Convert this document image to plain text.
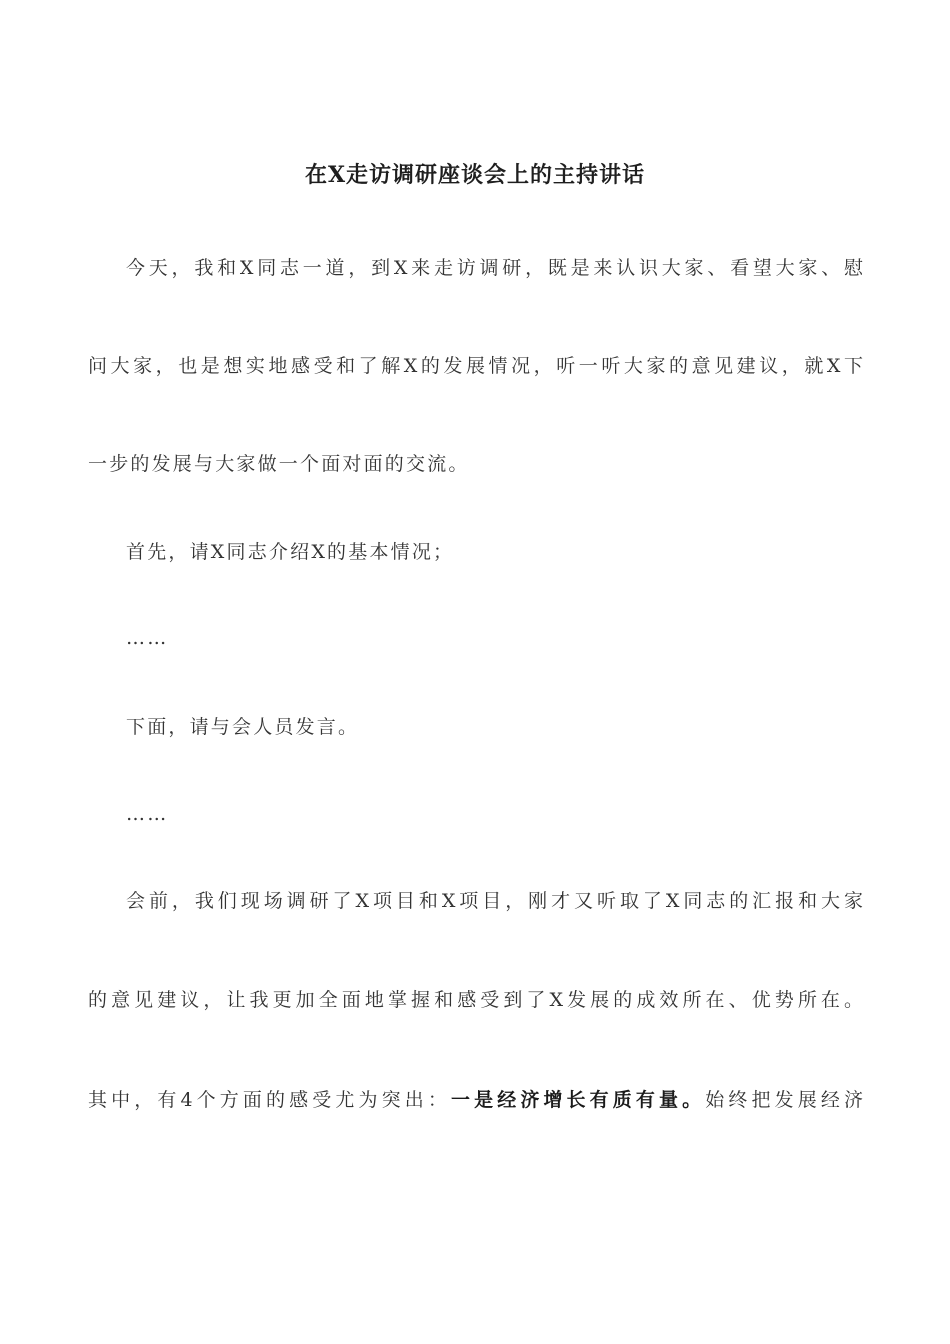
在X走访调研座谈会上的主持讲话
今天，我和X同志一道，到X来走访调研，既是来认识大家、看望大家、慰
问大家，也是想实地感受和了解X的发展情况，听一听大家的意见建议，就X下
一步的发展与大家做一个面对面的交流。
首先，请X同志介绍X的基本情况；
……
下面，请与会人员发言。
……
会前，我们现场调研了X项目和X项目，刚才又听取了X同志的汇报和大家
的意见建议，让我更加全面地掌握和感受到了X发展的成效所在、优势所在。
其中，有4个方面的感受尤为突出：一是经济增长有质有量。始终把发展经济
